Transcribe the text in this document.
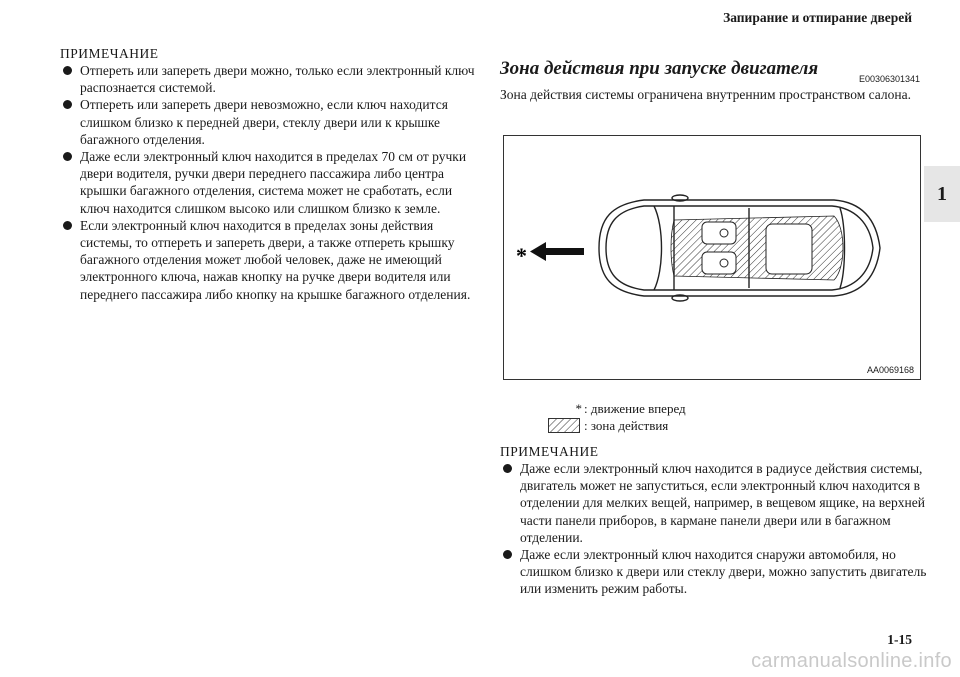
Запирание и отпирание дверей
1
ПРИМЕЧАНИЕ
Отпереть или запереть двери можно, только если электронный ключ распознается системой.
Отпереть или запереть двери невозможно, если ключ находится слишком близко к передней двери, стеклу двери или к крышке багажного отделения.
Даже если электронный ключ находится в пределах 70 см от ручки двери водителя, ручки двери переднего пассажира либо центра крышки багажного отделения, система может не сработать, если ключ находится слишком высоко или слишком близко к земле.
Если электронный ключ находится в пределах зоны действия системы, то отпереть и запереть двери, а также отпереть крышку багажного отделения может любой человек, даже не имеющий электронного ключа, нажав кнопку на ручке двери водителя или переднего пассажира либо кнопку на крышке багажного отделения.
Зона действия при запуске двигателя
Зона действия системы ограничена внутренним пространством салона.
E00306301341
*
AA0069168
* : движение вперед
: зона действия
ПРИМЕЧАНИЕ
Даже если электронный ключ находится в радиусе действия системы, двигатель может не запуститься, если электронный ключ находится в отделении для мелких вещей, например, в вещевом ящике, на верхней части панели приборов, в кармане панели двери или в багажном отделении.
Даже если электронный ключ находится снаружи автомобиля, но слишком близко к двери или стеклу двери, можно запустить двигатель или изменить режим работы.
1-15
carmanualsonline.info
